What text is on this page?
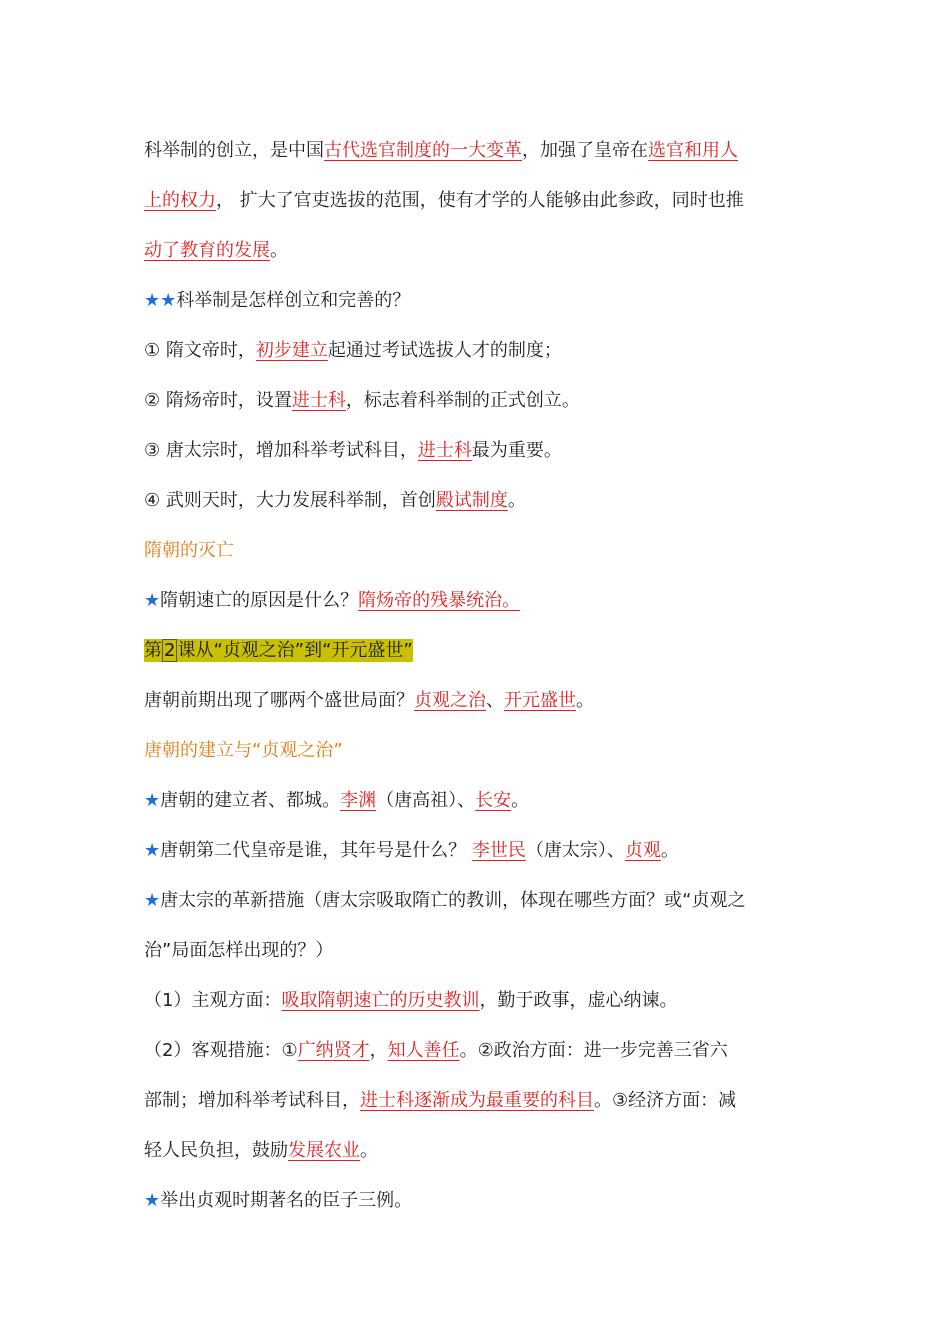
科举制的创立，是中国古代选官制度的一大变革，加强了皇帝在选官和用人
上的权力， 扩大了官吏选拔的范围，使有才学的人能够由此参政，同时也推
动了教育的发展。
★★科举制是怎样创立和完善的？
① 隋文帝时，初步建立起通过考试选拔人才的制度；
② 隋炀帝时，设置进士科，标志着科举制的正式创立。
③ 唐太宗时，增加科举考试科目，进士科最为重要。
④ 武则天时，大力发展科举制，首创殿试制度。
隋朝的灭亡
★隋朝速亡的原因是什么？隋炀帝的残暴统治。
第 2 课从“贞观之治”到“开元盛世”
唐朝前期出现了哪两个盛世局面？贞观之治、开元盛世。
唐朝的建立与“贞观之治”
★唐朝的建立者、都城。李渊（唐高祖）、长安。
★唐朝第二代皇帝是谁，其年号是什么？ 李世民（唐太宗）、贞观。
★唐太宗的革新措施（唐太宗吸取隋亡的教训，体现在哪些方面？或“贞观之
治”局面怎样出现的？）
（1）主观方面：吸取隋朝速亡的历史教训，勤于政事，虚心纳谏。
（2）客观措施：①广纳贤才，知人善任。②政治方面：进一步完善三省六
部制；增加科举考试科目，进士科逐渐成为最重要的科目。③经济方面：减
轻人民负担，鼓励发展农业。
★举出贞观时期著名的臣子三例。
